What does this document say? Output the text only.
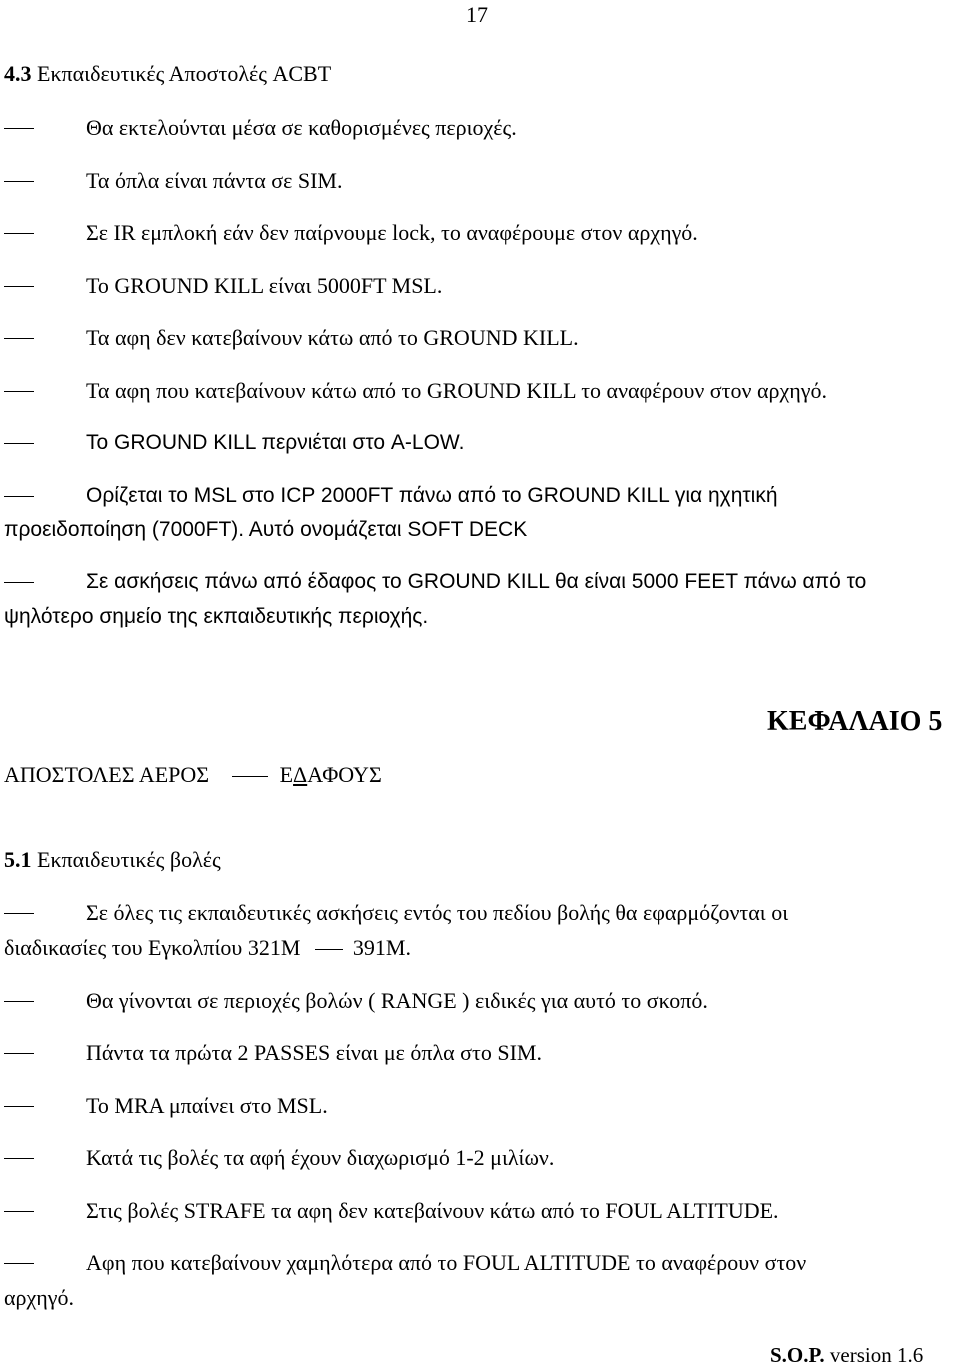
17
4.3 Εκπαιδευτικές Αποστολές ACBT
Θα εκτελούνται μέσα σε καθορισμένες περιοχές.
Τα όπλα είναι πάντα σε SIM.
Σε IR εμπλοκή εάν δεν παίρνουμε lock, το αναφέρουμε στον αρχηγό.
Το GROUND KILL είναι 5000FT MSL.
Τα αφη δεν κατεβαίνουν κάτω από το GROUND KILL.
Τα αφη που κατεβαίνουν κάτω από το GROUND KILL το αναφέρουν στον αρχηγό.
Το GROUND KILL περνιέται στο A-LOW.
Ορίζεται το MSL στο ICP 2000FT πάνω από το GROUND KILL για ηχητική
προειδοποίηση (7000FT). Αυτό ονομάζεται SOFT DECK
Σε ασκήσεις πάνω από έδαφος το GROUND KILL θα είναι 5000 FEET πάνω από το
ψηλότερο σημείο της εκπαιδευτικής περιοχής.
ΚΕΦΑΛΑΙΟ 5
ΑΠΟΣΤΟΛΕΣ ΑΕΡΟΣ	ΕΔΑΦΟΥΣ
5.1 Εκπαιδευτικές βολές
Σε όλες τις εκπαιδευτικές ασκήσεις εντός του πεδίου βολής θα εφαρμόζονται οι
διαδικασίες του Εγκολπίου 321Μ 391Μ.
Θα γίνονται σε περιοχές βολών ( RANGE ) ειδικές για αυτό το σκοπό.
Πάντα τα πρώτα 2 PASSES είναι με όπλα στο SIM.
Το MRA μπαίνει στο MSL.
Κατά τις βολές τα αφή έχουν διαχωρισμό 1-2 μιλίων.
Στις βολές STRAFE τα αφη δεν κατεβαίνουν κάτω από το FOUL ALTITUDE.
Αφη που κατεβαίνουν χαμηλότερα από το FOUL ALTITUDE το αναφέρουν στον
αρχηγό.
S.O.P. version 1.6
